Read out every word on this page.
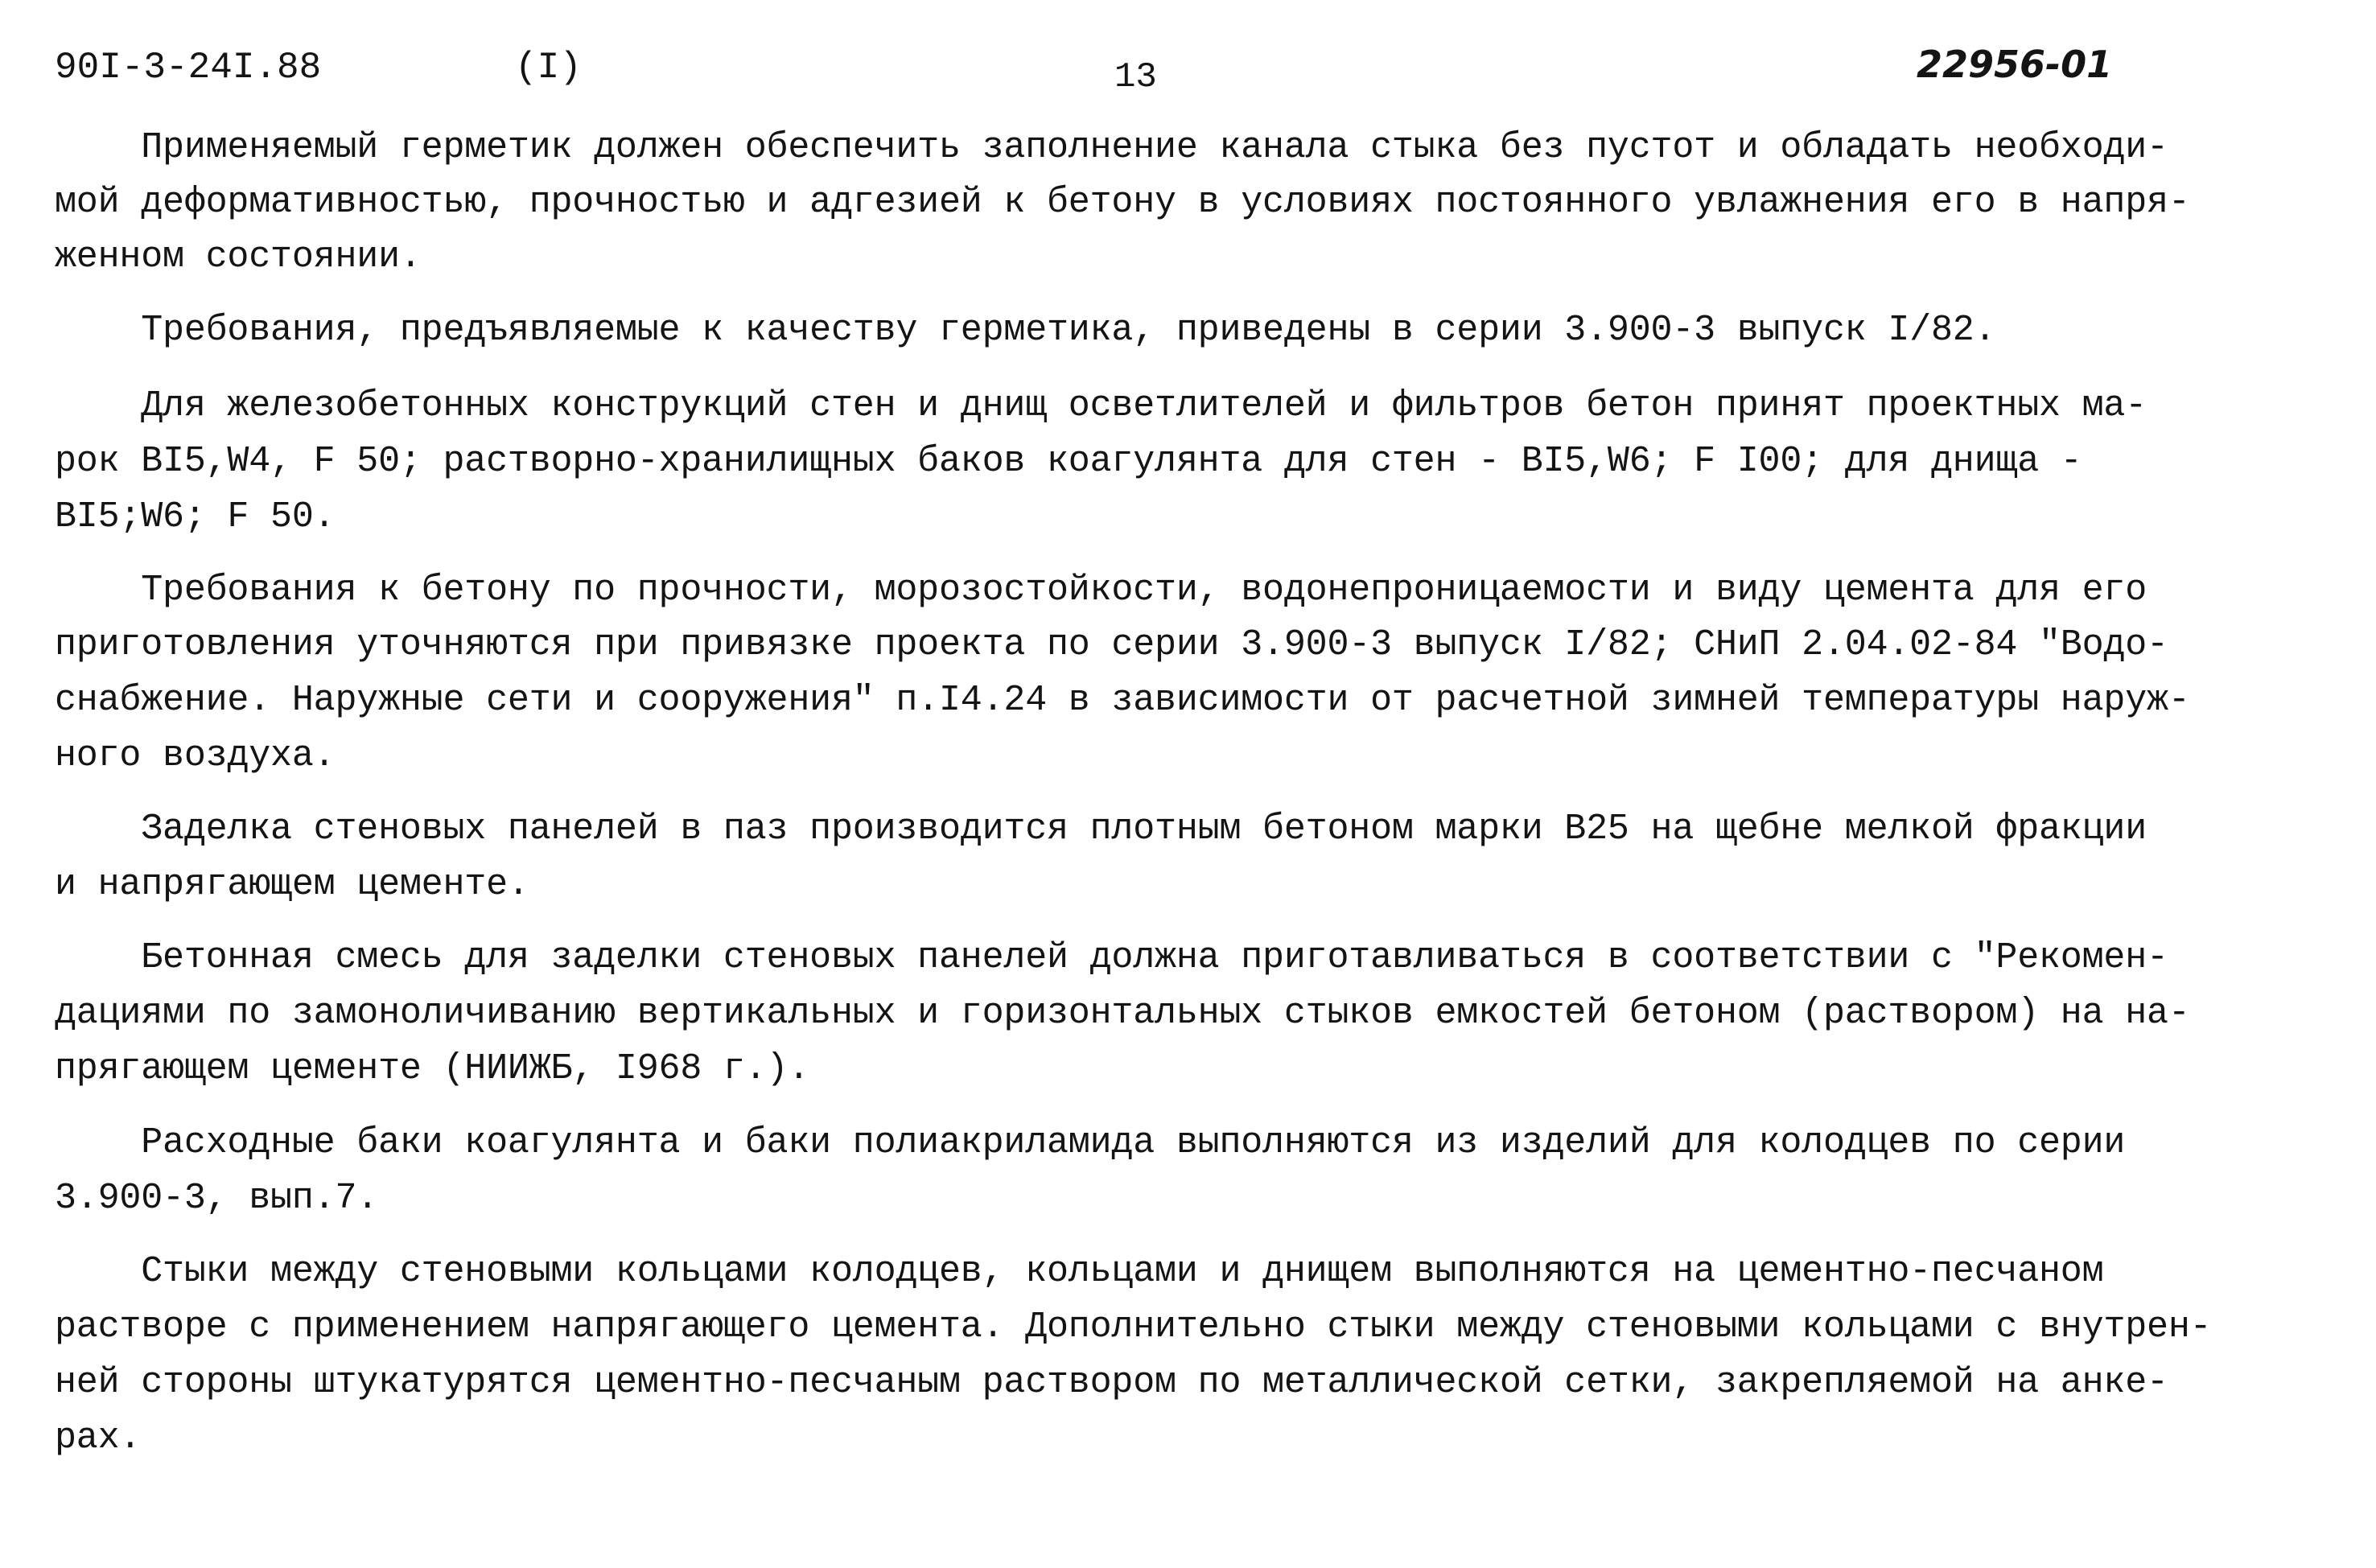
90I-3-24I.88	(I)	13	22956-01
Применяемый герметик должен обеспечить заполнение канала стыка без пустот и обладать необходи-
мой деформативностью, прочностью и адгезией к бетону в условиях постоянного увлажнения его в напря-
женном состоянии.
Требования, предъявляемые к качеству герметика, приведены в серии 3.900-3 выпуск I/82.
Для железобетонных конструкций стен и днищ осветлителей и фильтров бетон принят проектных ма-
рок BI5,W4, F 50; растворно-хранилищных баков коагулянта для стен - BI5,W6; F I00; для днища -
BI5;W6; F 50.
Требования к бетону по прочности, морозостойкости, водонепроницаемости и виду цемента для его
приготовления уточняются при привязке проекта по серии 3.900-3 выпуск I/82; СНиП 2.04.02-84 "Водо-
снабжение. Наружные сети и сооружения" п.I4.24 в зависимости от расчетной зимней температуры наруж-
ного воздуха.
Заделка стеновых панелей в паз производится плотным бетоном марки B25 на щебне мелкой фракции
и напрягающем цементе.
Бетонная смесь для заделки стеновых панелей должна приготавливаться в соответствии с "Рекомен-
дациями по замоноличиванию вертикальных и горизонтальных стыков емкостей бетоном (раствором) на на-
прягающем цементе (НИИЖБ, I968 г.).
Расходные баки коагулянта и баки полиакриламида выполняются из изделий для колодцев по серии
3.900-3, вып.7.
Стыки между стеновыми кольцами колодцев, кольцами и днищем выполняются на цементно-песчаном
растворе с применением напрягающего цемента. Дополнительно стыки между стеновыми кольцами с внутрен-
ней стороны штукатурятся цементно-песчаным раствором по металлической сетки, закрепляемой на анке-
рах.
